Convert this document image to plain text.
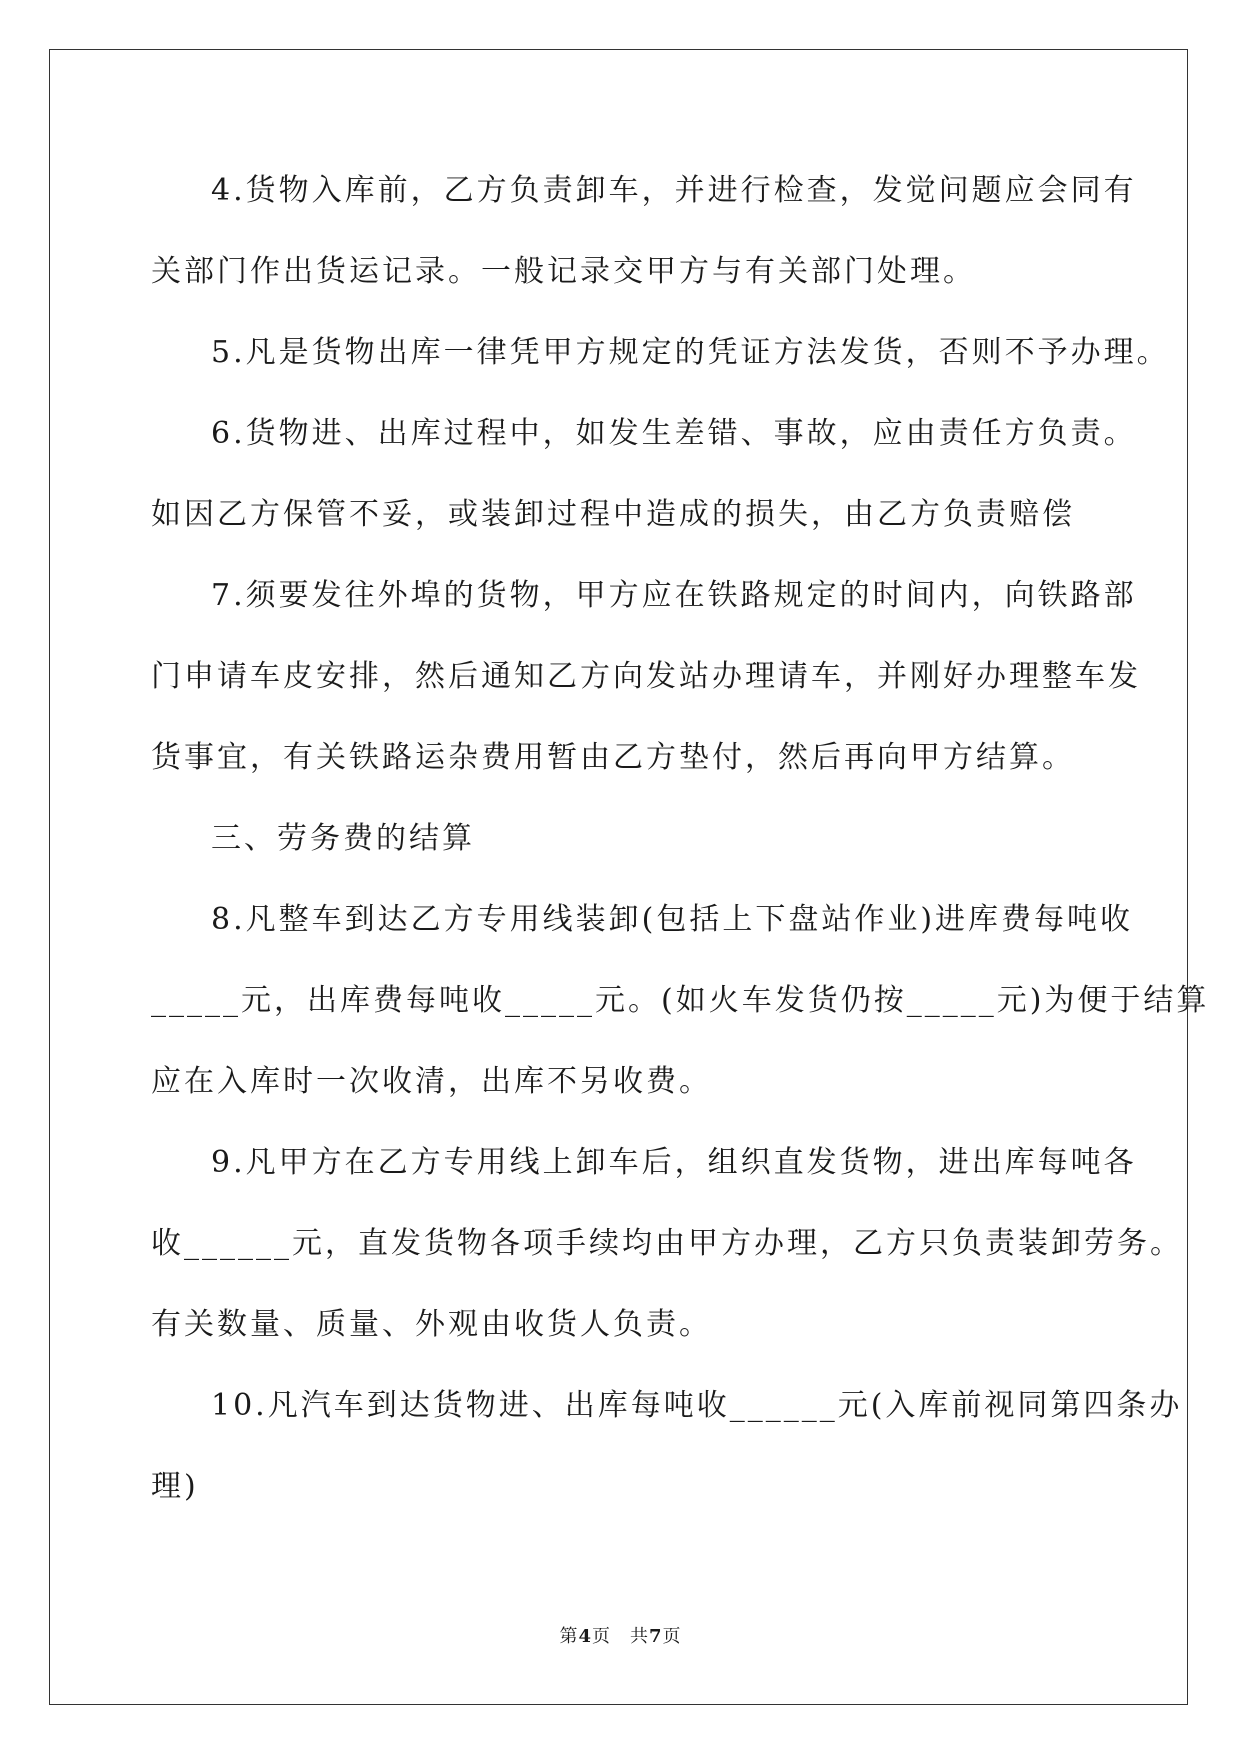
4.货物入库前，乙方负责卸车，并进行检查，发觉问题应会同有
关部门作出货运记录。一般记录交甲方与有关部门处理。
5.凡是货物出库一律凭甲方规定的凭证方法发货，否则不予办理。
6.货物进、出库过程中，如发生差错、事故，应由责任方负责。
如因乙方保管不妥，或装卸过程中造成的损失，由乙方负责赔偿
7.须要发往外埠的货物，甲方应在铁路规定的时间内，向铁路部
门申请车皮安排，然后通知乙方向发站办理请车，并刚好办理整车发
货事宜，有关铁路运杂费用暂由乙方垫付，然后再向甲方结算。
三、劳务费的结算
8.凡整车到达乙方专用线装卸(包括上下盘站作业)进库费每吨收
_____元，出库费每吨收_____元。(如火车发货仍按_____元)为便于结算
应在入库时一次收清，出库不另收费。
9.凡甲方在乙方专用线上卸车后，组织直发货物，进出库每吨各
收______元，直发货物各项手续均由甲方办理，乙方只负责装卸劳务。
有关数量、质量、外观由收货人负责。
10.凡汽车到达货物进、出库每吨收______元(入库前视同第四条办
理)
第4页　共7页
